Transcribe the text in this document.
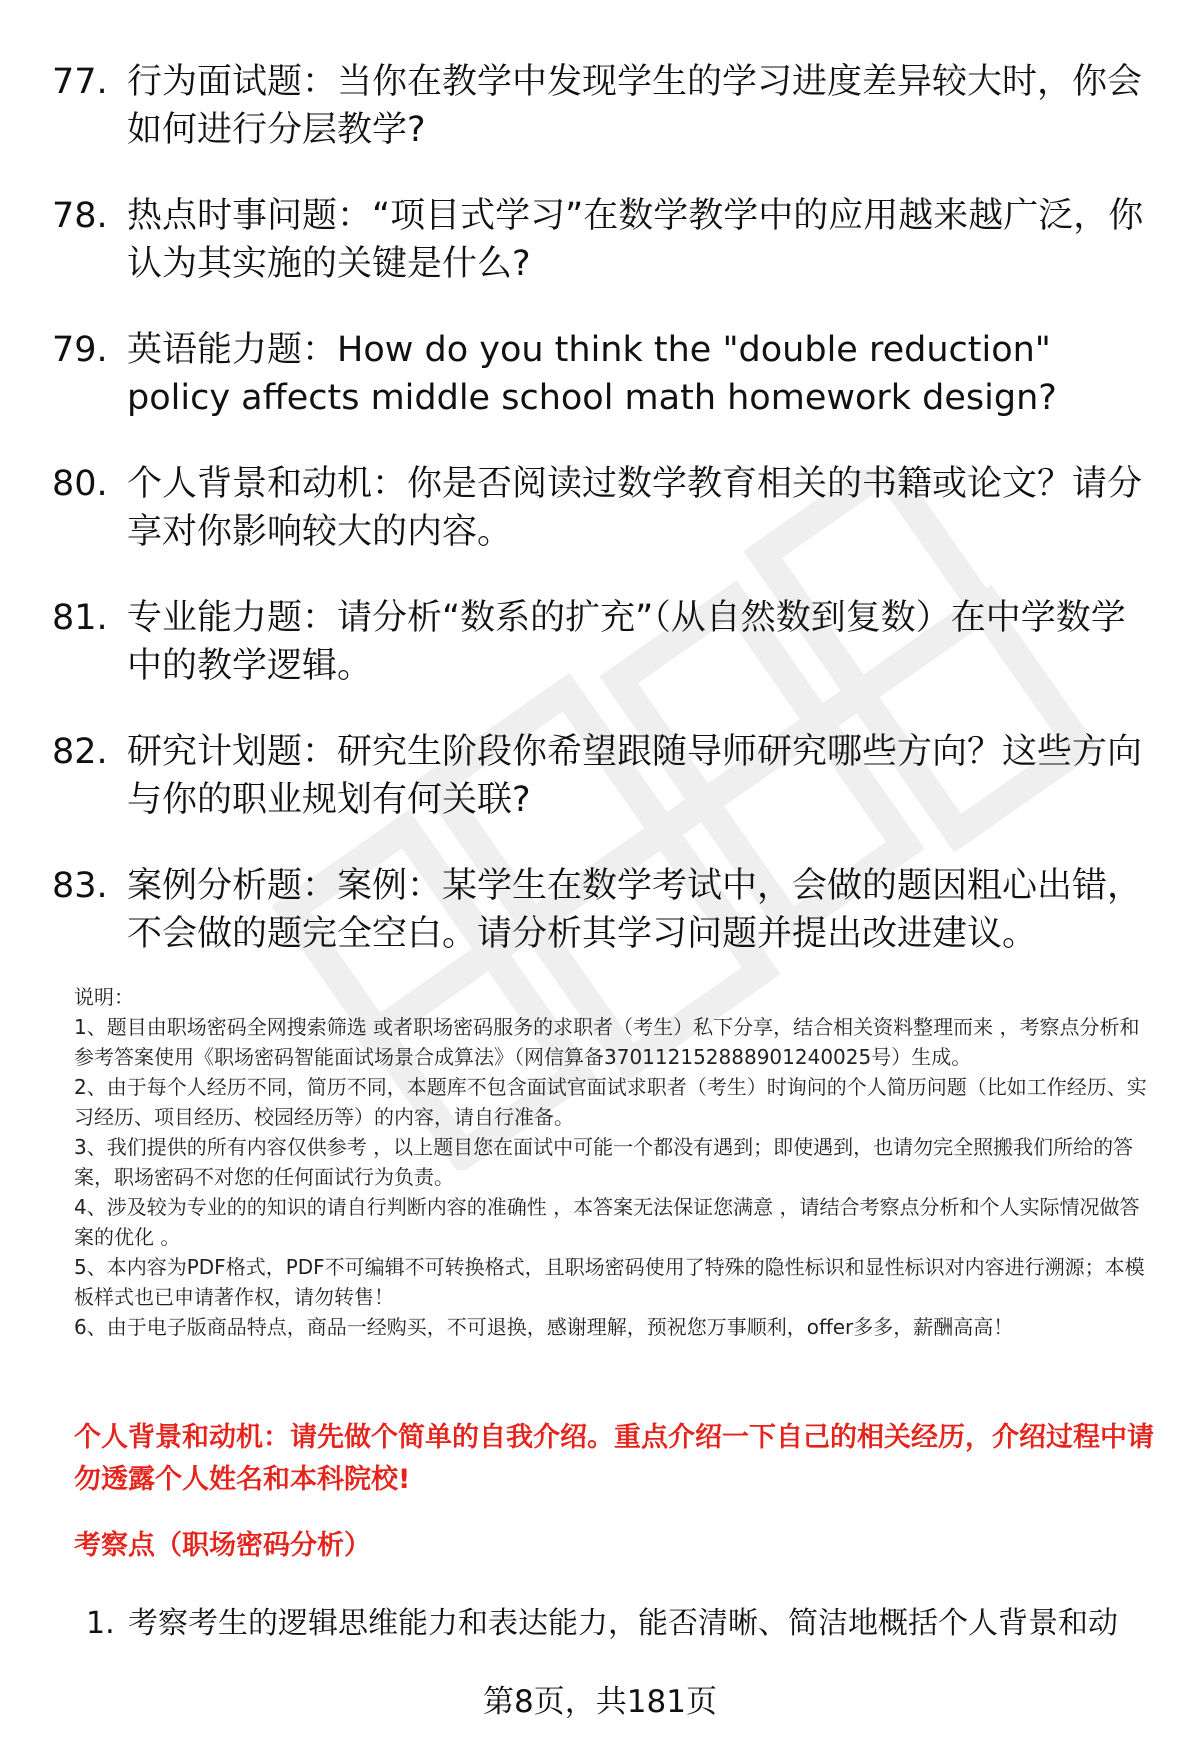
77. 行为面试题：当你在教学中发现学生的学习进度差异较大时，你会如何进行分层教学?
78. 热点时事问题：“项目式学习”在数学教学中的应用越来越广泛，你认为其实施的关键是什么?
79. 英语能力题：How do you think the "double reduction" policy affects middle school math homework design?
80. 个人背景和动机：你是否阅读过数学教育相关的书籍或论文？请分享对你影响较大的内容。
81. 专业能力题：请分析“数系的扩充”（从自然数到复数）在中学数学中的教学逻辑。
82. 研究计划题：研究生阶段你希望跟随导师研究哪些方向？这些方向与你的职业规划有何关联?
83. 案例分析题：案例：某学生在数学考试中，会做的题因粗心出错，不会做的题完全空白。请分析其学习问题并提出改进建议。

说明：

1、题目由职场密码全网搜索筛选 或者职场密码服务的求职者（考生）私下分享，结合相关资料整理而来 ，考察点分析和参考答案使用《职场密码智能面试场景合成算法》（网信算备370112152888901240025号）生成。

2、由于每个人经历不同，简历不同，本题库不包含面试官面试求职者（考生）时询问的个人简历问题（比如工作经历、实习经历、项目经历、校园经历等）的内容，请自行准备。

3、我们提供的所有内容仅供参考 ，以上题目您在面试中可能一个都没有遇到；即使遇到，也请勿完全照搬我们所给的答案，职场密码不对您的任何面试行为负责。

4、涉及较为专业的的知识的请自行判断内容的准确性 ，本答案无法保证您满意 ，请结合考察点分析和个人实际情况做答案的优化 。

5、本内容为PDF格式，PDF不可编辑不可转换格式，且职场密码使用了特殊的隐性标识和显性标识对内容进行溯源；本模板样式也已申请著作权，请勿转售！

6、由于电子版商品特点，商品一经购买，不可退换，感谢理解，预祝您万事顺利，offer多多，薪酬高高！

个人背景和动机：请先做个简单的自我介绍。重点介绍一下自己的相关经历，介绍过程中请勿透露个人姓名和本科院校!
考察点（职场密码分析）
1. 考察考生的逻辑思维能力和表达能力，能否清晰、简洁地概括个人背景和动
第8页，共181页
